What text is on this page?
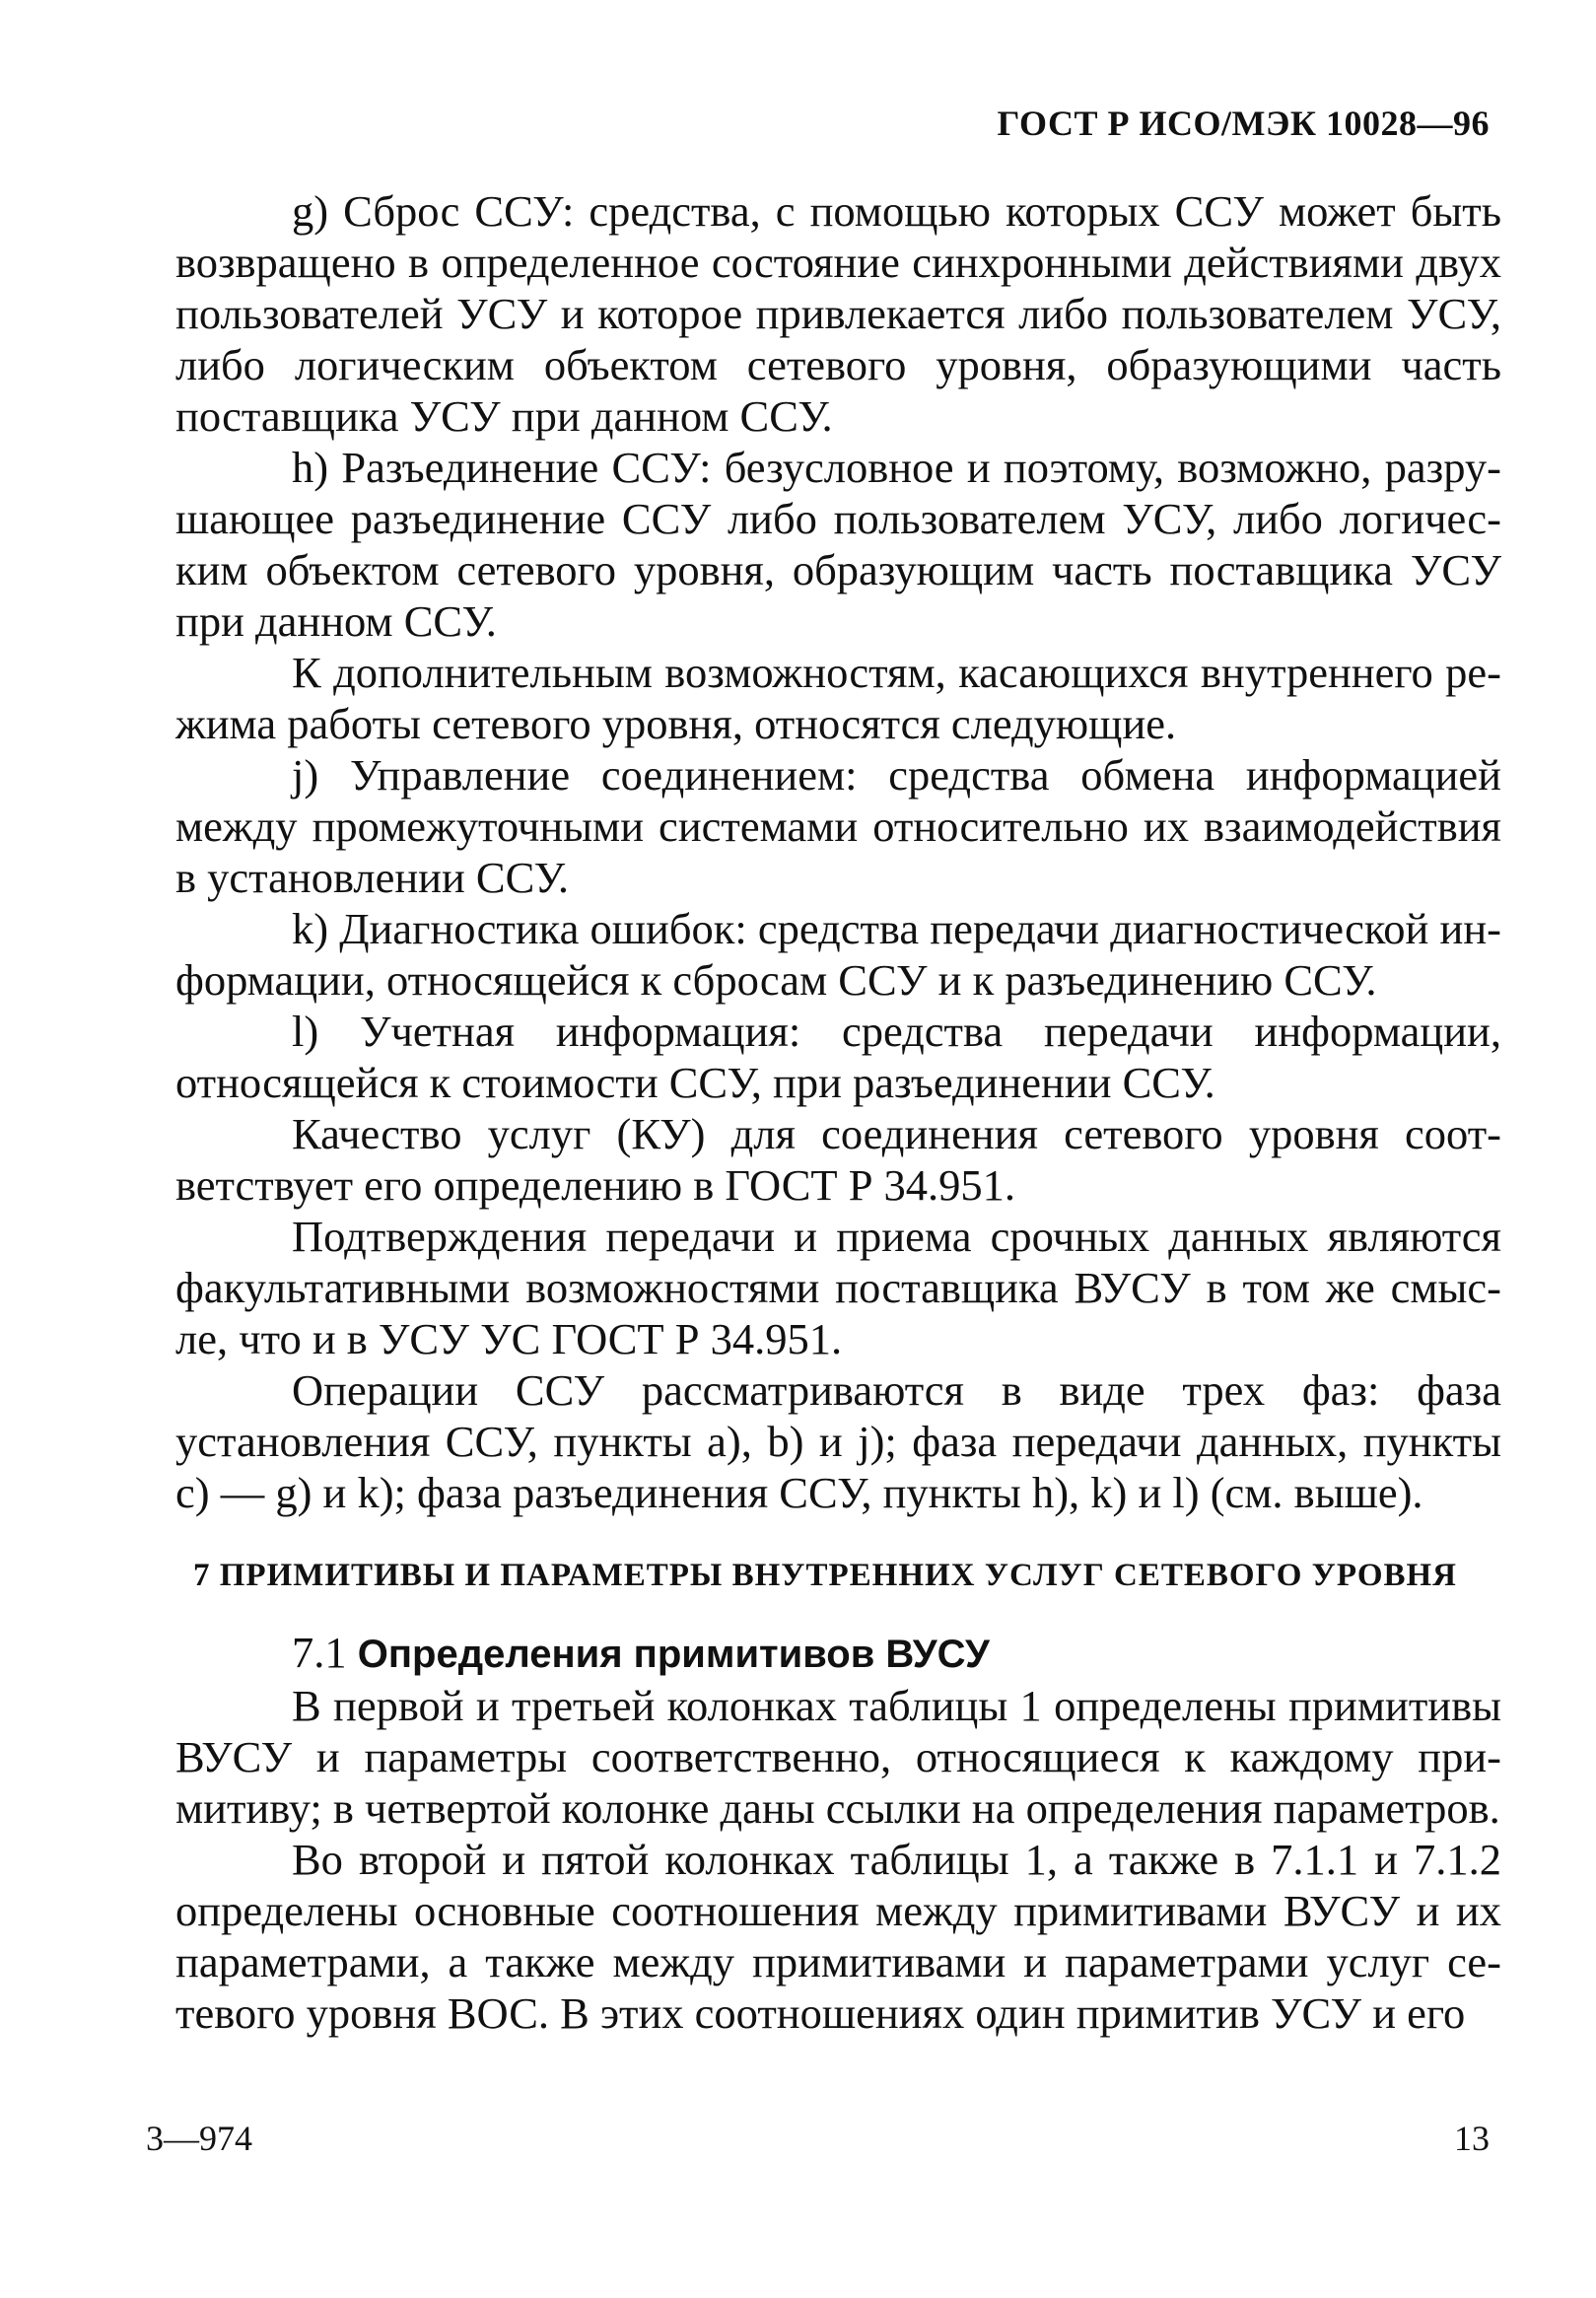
ГОСТ Р ИСО/МЭК 10028—96

g) Сброс ССУ: средства, с помощью которых ССУ может быть возвращено в определенное состояние синхронными действиями двух пользователей УСУ и которое привлекается либо пользователем УСУ, либо логическим объектом сетевого уровня, образующими часть поставщика УСУ при данном ССУ.

h) Разъединение ССУ: безусловное и поэтому, возможно, разрушающее разъединение ССУ либо пользователем УСУ, либо логическим объектом сетевого уровня, образующим часть поставщика УСУ при данном ССУ.

К дополнительным возможностям, касающихся внутреннего режима работы сетевого уровня, относятся следующие.

j) Управление соединением: средства обмена информацией между промежуточными системами относительно их взаимодействия в установлении ССУ.

k) Диагностика ошибок: средства передачи диагностической информации, относящейся к сбросам ССУ и к разъединению ССУ.

l) Учетная информация: средства передачи информации, относящейся к стоимости ССУ, при разъединении ССУ.

Качество услуг (КУ) для соединения сетевого уровня соответствует его определению в ГОСТ Р 34.951.

Подтверждения передачи и приема срочных данных являются факультативными возможностями поставщика ВУСУ в том же смысле, что и в УСУ УС ГОСТ Р 34.951.

Операции ССУ рассматриваются в виде трех фаз: фаза установления ССУ, пункты а), b) и j); фаза передачи данных, пункты с) — g) и k); фаза разъединения ССУ, пункты h), k) и l) (см. выше).

7 ПРИМИТИВЫ И ПАРАМЕТРЫ ВНУТРЕННИХ УСЛУГ СЕТЕВОГО УРОВНЯ
7.1 Определения примитивов ВУСУ

В первой и третьей колонках таблицы 1 определены примитивы ВУСУ и параметры соответственно, относящиеся к каждому примитиву; в четвертой колонке даны ссылки на определения параметров.

Во второй и пятой колонках таблицы 1, а также в 7.1.1 и 7.1.2 определены основные соотношения между примитивами ВУСУ и их параметрами, а также между примитивами и параметрами услуг сетевого уровня ВОС. В этих соотношениях один примитив УСУ и его

3—974	13
